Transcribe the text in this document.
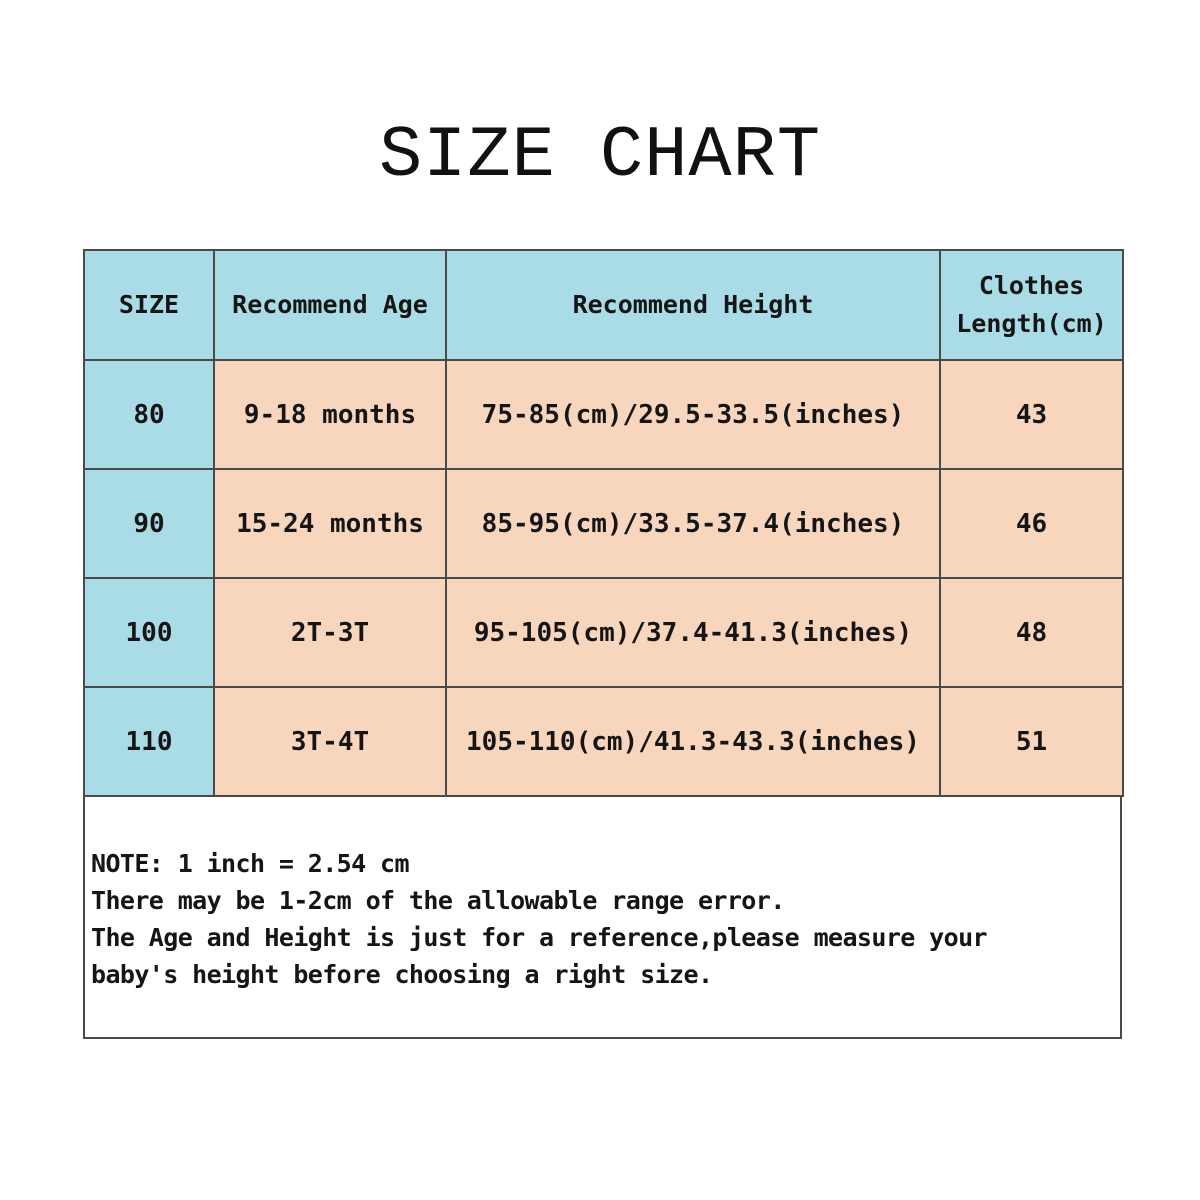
SIZE CHART
SIZE	Recommend Age	Recommend Height	Clothes
Length(cm)
80	9-18 months	75-85(cm)/29.5-33.5(inches)	43
90	15-24 months	85-95(cm)/33.5-37.4(inches)	46
100	2T-3T	95-105(cm)/37.4-41.3(inches)	48
110	3T-4T	105-110(cm)/41.3-43.3(inches)	51
NOTE: 1 inch = 2.54 cm
There may be 1-2cm of the allowable range error.
The Age and Height is just for a reference,please measure your
baby's height before choosing a right size.
